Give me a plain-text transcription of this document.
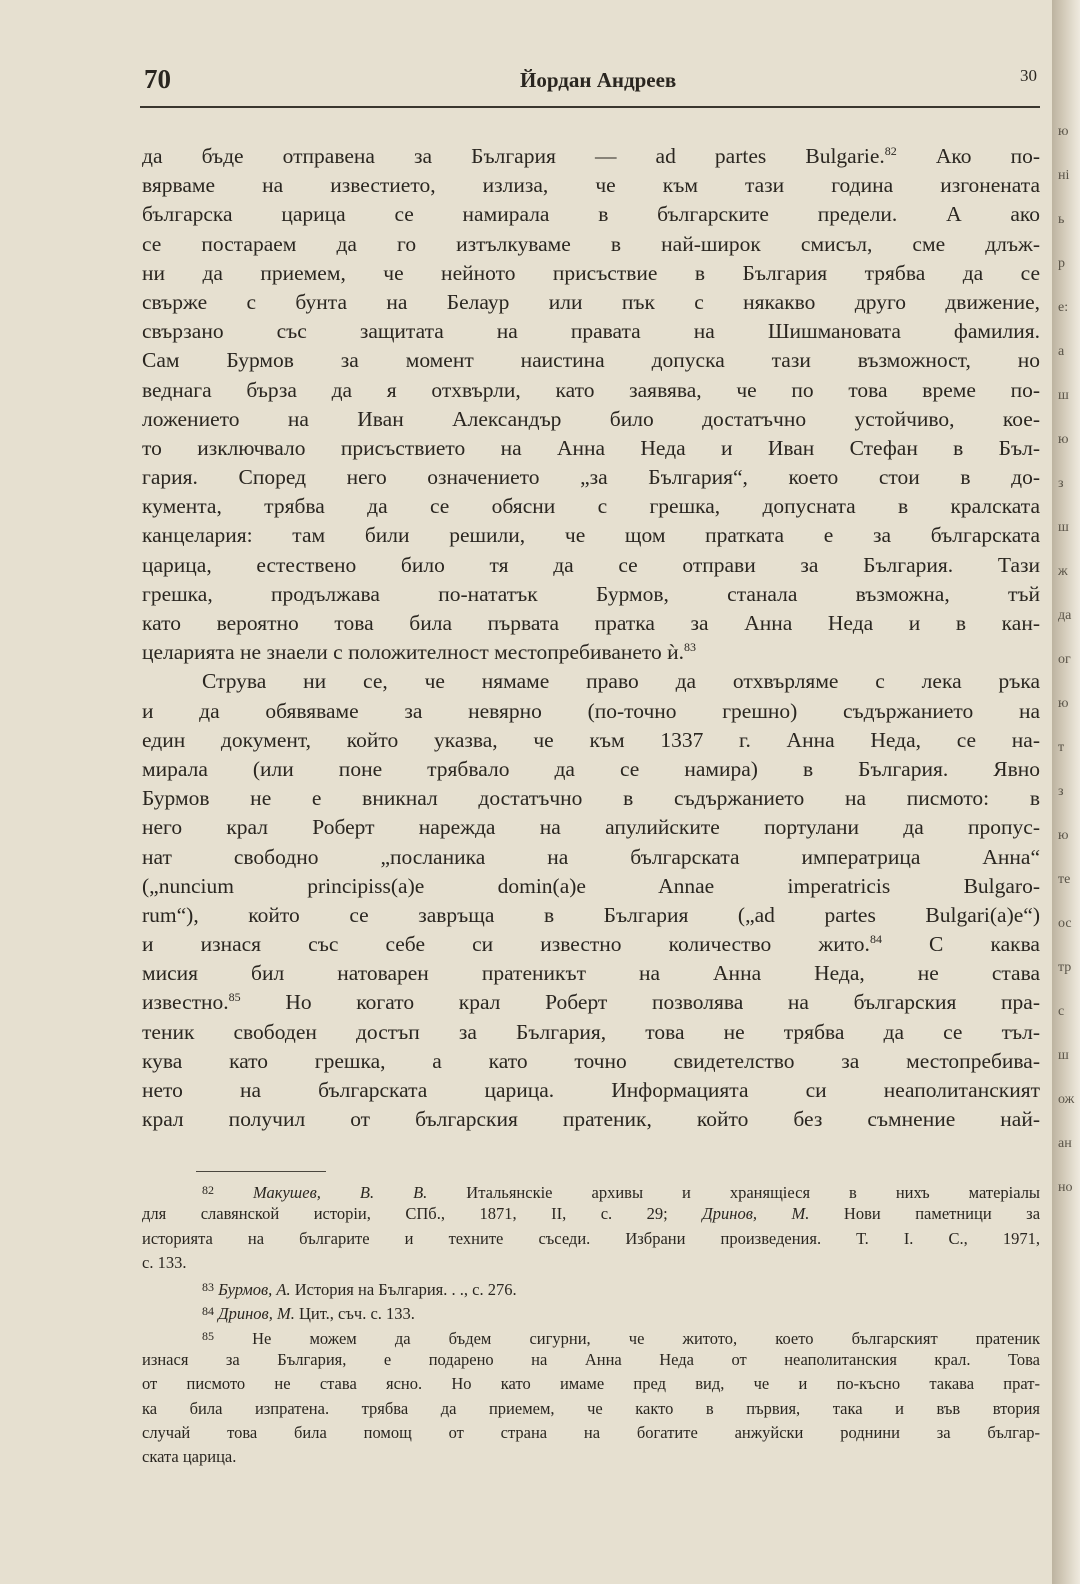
70	Йордан Андреев	30
да бъде отправена за България — ad partes Bulgarie.$^{82}$ Ако по-
вярваме на известието, излиза, че към тази година изгонената
българска царица се намирала в българските предели. А ако
се постараем да го изтълкуваме в най-широк смисъл, сме длъж-
ни да приемем, че нейното присъствие в България трябва да се
свърже с бунта на Белаур или пък с някакво друго движение,
свързано със защитата на правата на Шишмановата фамилия.
Сам Бурмов за момент наистина допуска тази възможност, но
веднага бърза да я отхвърли, като заявява, че по това време по-
ложението на Иван Александър било достатъчно устойчиво, кое-
то изключвало присъствието на Анна Неда и Иван Стефан в Бъл-
гария. Според него означението „за България“, което стои в до-
кумента, трябва да се обясни с грешка, допусната в кралската
канцелария: там били решили, че щом пратката е за българската
царица, естествено било тя да се отправи за България. Тази
грешка, продължава по-нататък Бурмов, станала възможна, тъй
като вероятно това била първата пратка за Анна Неда и в кан-
целарията не знаели с положителност местопребиването ѝ.$^{83}$
Струва ни се, че нямаме право да отхвърляме с лека ръка
и да обявяваме за невярно (по-точно грешно) съдържанието на
един документ, който указва, че към 1337 г. Анна Неда, се на-
мирала (или поне трябвало да се намира) в България. Явно
Бурмов не е вникнал достатъчно в съдържанието на писмото: в
него крал Роберт нарежда на апулийските портулани да пропус-
нат свободно „посланика на българската императрица Анна“
(„nuncium principiss(a)e domin(a)e Annae imperatricis Bulgaro-
rum“), който се завръща в България („ad partes Bulgari(a)e“)
и изнася със себе си известно количество жито.$^{84}$ С каква
мисия бил натоварен пратеникът на Анна Неда, не става
известно.$^{85}$ Но когато крал Роберт позволява на българския пра-
теник свободен достъп за България, това не трябва да се тъл-
кува като грешка, а като точно свидетелство за местопребива-
нето на българската царица. Информацията си неаполитанският
крал получил от българския пратеник, който без съмнение най-
$^{82}$ Макушев, В. В. Итальянскiе архивы и хранящiеся в нихъ матерiалы
для славянской исторiи, СПб., 1871, II, с. 29; Дринов, М. Нови паметници за
историята на българите и техните съседи. Избрани произведения. Т. I. С., 1971,
с. 133.
$^{83}$ Бурмов, А. История на България. . ., с. 276.
$^{84}$ Дринов, М. Цит., съч. с. 133.
$^{85}$ Не можем да бъдем сигурни, че житото, което българският пратеник
изнася за България, е подарено на Анна Неда от неаполитанския крал. Това
от писмото не става ясно. Но като имаме пред вид, че и по-късно такава прат-
ка била изпратена. трябва да приемем, че както в първия, така и във втория
случай това била помощ от страна на богатите анжуйски роднини за българ-
ската царица.
ю
ні
ь
р
е:
а
ш
ю
з
ш
ж
да
ог
ю
т
з
ю
те
ос
тр
с
ш
ож
ан
но
